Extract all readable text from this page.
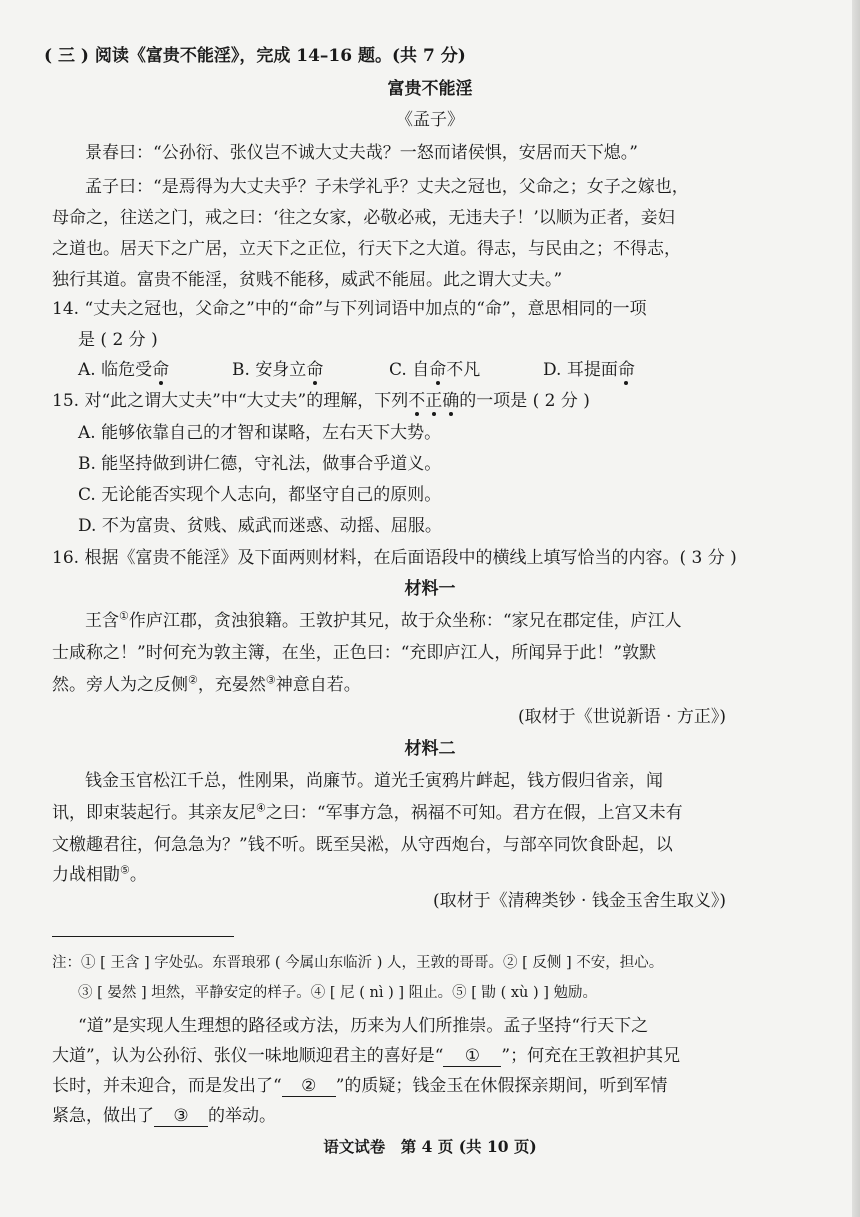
( 三 ) 阅读《富贵不能淫》，完成 14–16 题。(共 7 分)
富贵不能淫
《孟子》
景春曰：“公孙衍、张仪岂不诚大丈夫哉？一怒而诸侯惧，安居而天下熄。”
孟子曰：“是焉得为大丈夫乎？子未学礼乎？丈夫之冠也，父命之；女子之嫁也，
母命之，往送之门，戒之曰：‘往之女家，必敬必戒，无违夫子！’以顺为正者，妾妇
之道也。居天下之广居，立天下之正位，行天下之大道。得志，与民由之；不得志，
独行其道。富贵不能淫，贫贱不能移，威武不能屈。此之谓大丈夫。”
14. “丈夫之冠也，父命之”中的“命”与下列词语中加点的“命”，意思相同的一项
是 ( 2 分 )
A. 临危受命	B. 安身立命	C. 自命不凡	D. 耳提面命
15. 对“此之谓大丈夫”中“大丈夫”的理解，下列不正确的一项是 ( 2 分 )
A. 能够依靠自己的才智和谋略，左右天下大势。
B. 能坚持做到讲仁德，守礼法，做事合乎道义。
C. 无论能否实现个人志向，都坚守自己的原则。
D. 不为富贵、贫贱、威武而迷惑、动摇、屈服。
16. 根据《富贵不能淫》及下面两则材料，在后面语段中的横线上填写恰当的内容。( 3 分 )
材料一
王含①作庐江郡，贪浊狼籍。王敦护其兄，故于众坐称：“家兄在郡定佳，庐江人
士咸称之！”时何充为敦主簿，在坐，正色曰：“充即庐江人，所闻异于此！”敦默
然。旁人为之反侧②，充晏然③神意自若。
(取材于《世说新语 · 方正》)
材料二
钱金玉官松江千总，性刚果，尚廉节。道光壬寅鸦片衅起，钱方假归省亲，闻
讯，即束装起行。其亲友尼④之曰：“军事方急，祸福不可知。君方在假，上宫又未有
文檄趣君往，何急急为？”钱不听。既至吴淞，从守西炮台，与部卒同饮食卧起，以
力战相勖⑤。
(取材于《清稗类钞 · 钱金玉舍生取义》)
注：① [ 王含 ] 字处弘。东晋琅邪 ( 今属山东临沂 ) 人，王敦的哥哥。② [ 反侧 ] 不安，担心。
③ [ 晏然 ] 坦然，平静安定的样子。④ [ 尼 ( nì ) ] 阻止。⑤ [ 勖 ( xù ) ] 勉励。
“道”是实现人生理想的路径或方法，历来为人们所推崇。孟子坚持“行天下之
大道”，认为公孙衍、张仪一味地顺迎君主的喜好是“ ① ”；何充在王敦袒护其兄
长时，并未迎合，而是发出了“ ② ”的质疑；钱金玉在休假探亲期间，听到军情
紧急，做出了 ③ 的举动。
语文试卷　第 4 页 (共 10 页)
